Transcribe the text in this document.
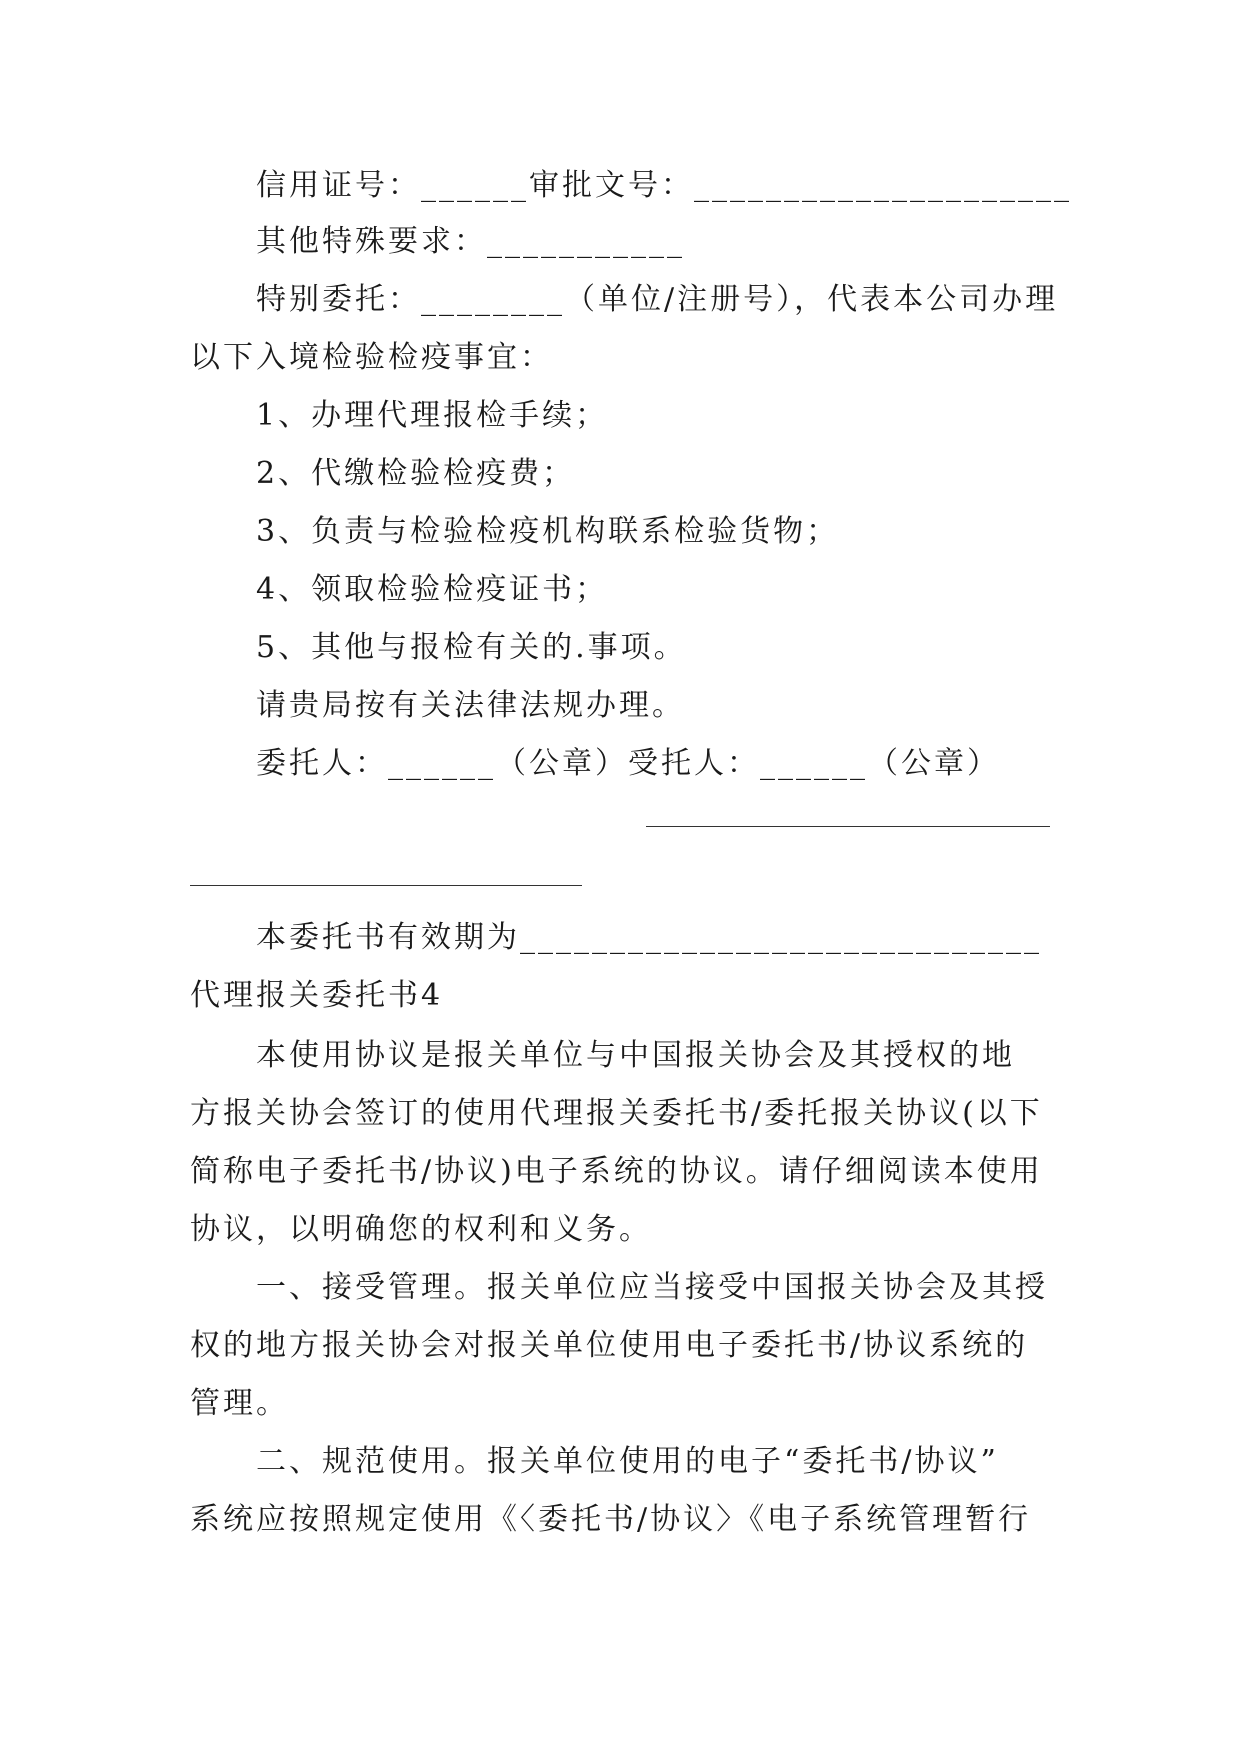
信用证号：______审批文号：_____________________
其他特殊要求：___________
特别委托：________（单位/注册号），代表本公司办理
以下入境检验检疫事宜：
1、办理代理报检手续；
2、代缴检验检疫费；
3、负责与检验检疫机构联系检验货物；
4、领取检验检疫证书；
5、其他与报检有关的.事项。
请贵局按有关法律法规办理。
委托人：______（公章）受托人：______（公章）
本委托书有效期为_____________________________
代理报关委托书4
本使用协议是报关单位与中国报关协会及其授权的地
方报关协会签订的使用代理报关委托书/委托报关协议(以下
简称电子委托书/协议)电子系统的协议。请仔细阅读本使用
协议，以明确您的权利和义务。
一、接受管理。报关单位应当接受中国报关协会及其授
权的地方报关协会对报关单位使用电子委托书/协议系统的
管理。
二、规范使用。报关单位使用的电子“委托书/协议”
系统应按照规定使用《〈委托书/协议〉《电子系统管理暂行
